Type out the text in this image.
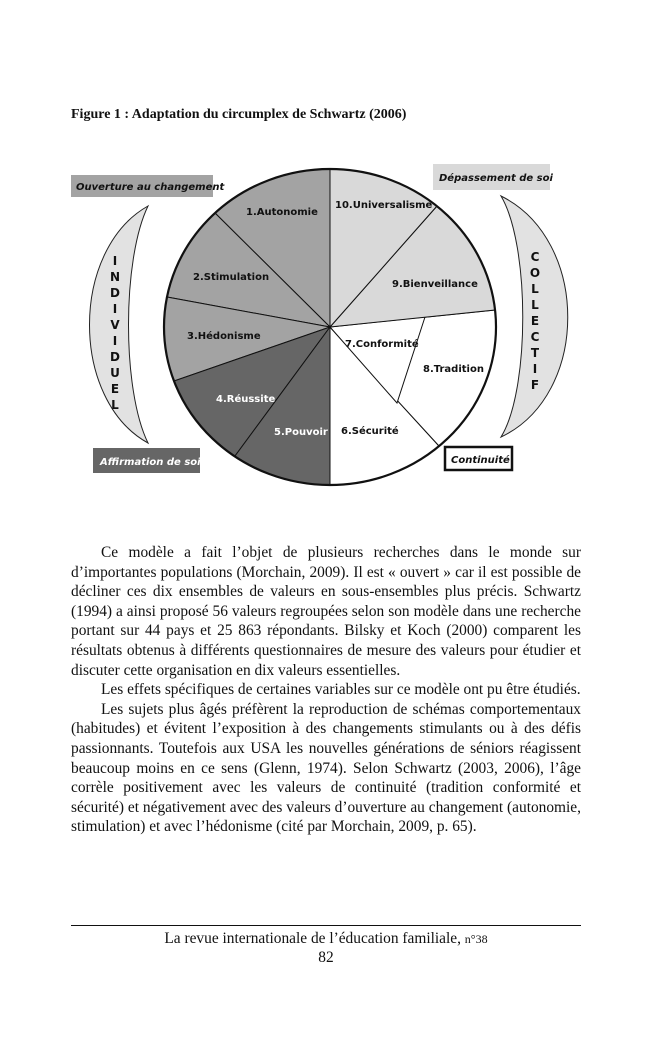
Figure 1 : Adaptation du circumplex de Schwartz (2006)
Ouverture au changement
Dépassement de soi
Affirmation de soi	Continuité
I
N
D
I
V
I
D
U
E
L
C
O
L
L
E
C
T
I
F
1.Autonomie
2.Stimulation
3.Hédonisme
4.Réussite
5.Pouvoir 6.Sécurité
7.Conformité
8.Tradition
9.Bienveillance
10.Universalisme

Ce modèle a fait l’objet de plusieurs recherches dans le monde sur d’importantes populations (Morchain, 2009). Il est « ouvert » car il est possible de décliner ces dix ensembles de valeurs en sous-ensembles plus précis. Schwartz (1994) a ainsi proposé 56 valeurs regroupées selon son modèle dans une recherche portant sur 44 pays et 25 863 répondants. Bilsky et Koch (2000) comparent les résultats obtenus à différents questionnaires de mesure des valeurs pour étudier et discuter cette organisation en dix valeurs essentielles.

Les effets spécifiques de certaines variables sur ce modèle ont pu être étudiés.

Les sujets plus âgés préfèrent la reproduction de schémas comportementaux (habitudes) et évitent l’exposition à des changements stimulants ou à des défis passionnants. Toutefois aux USA les nouvelles générations de séniors réagissent beaucoup moins en ce sens (Glenn, 1974). Selon Schwartz (2003, 2006), l’âge corrèle positivement avec les valeurs de continuité (tradition conformité et sécurité) et négativement avec des valeurs d’ouverture au changement (autonomie, stimulation) et avec l’hédonisme (cité par Morchain, 2009, p. 65).

La revue internationale de l’éducation familiale, n°38
82
